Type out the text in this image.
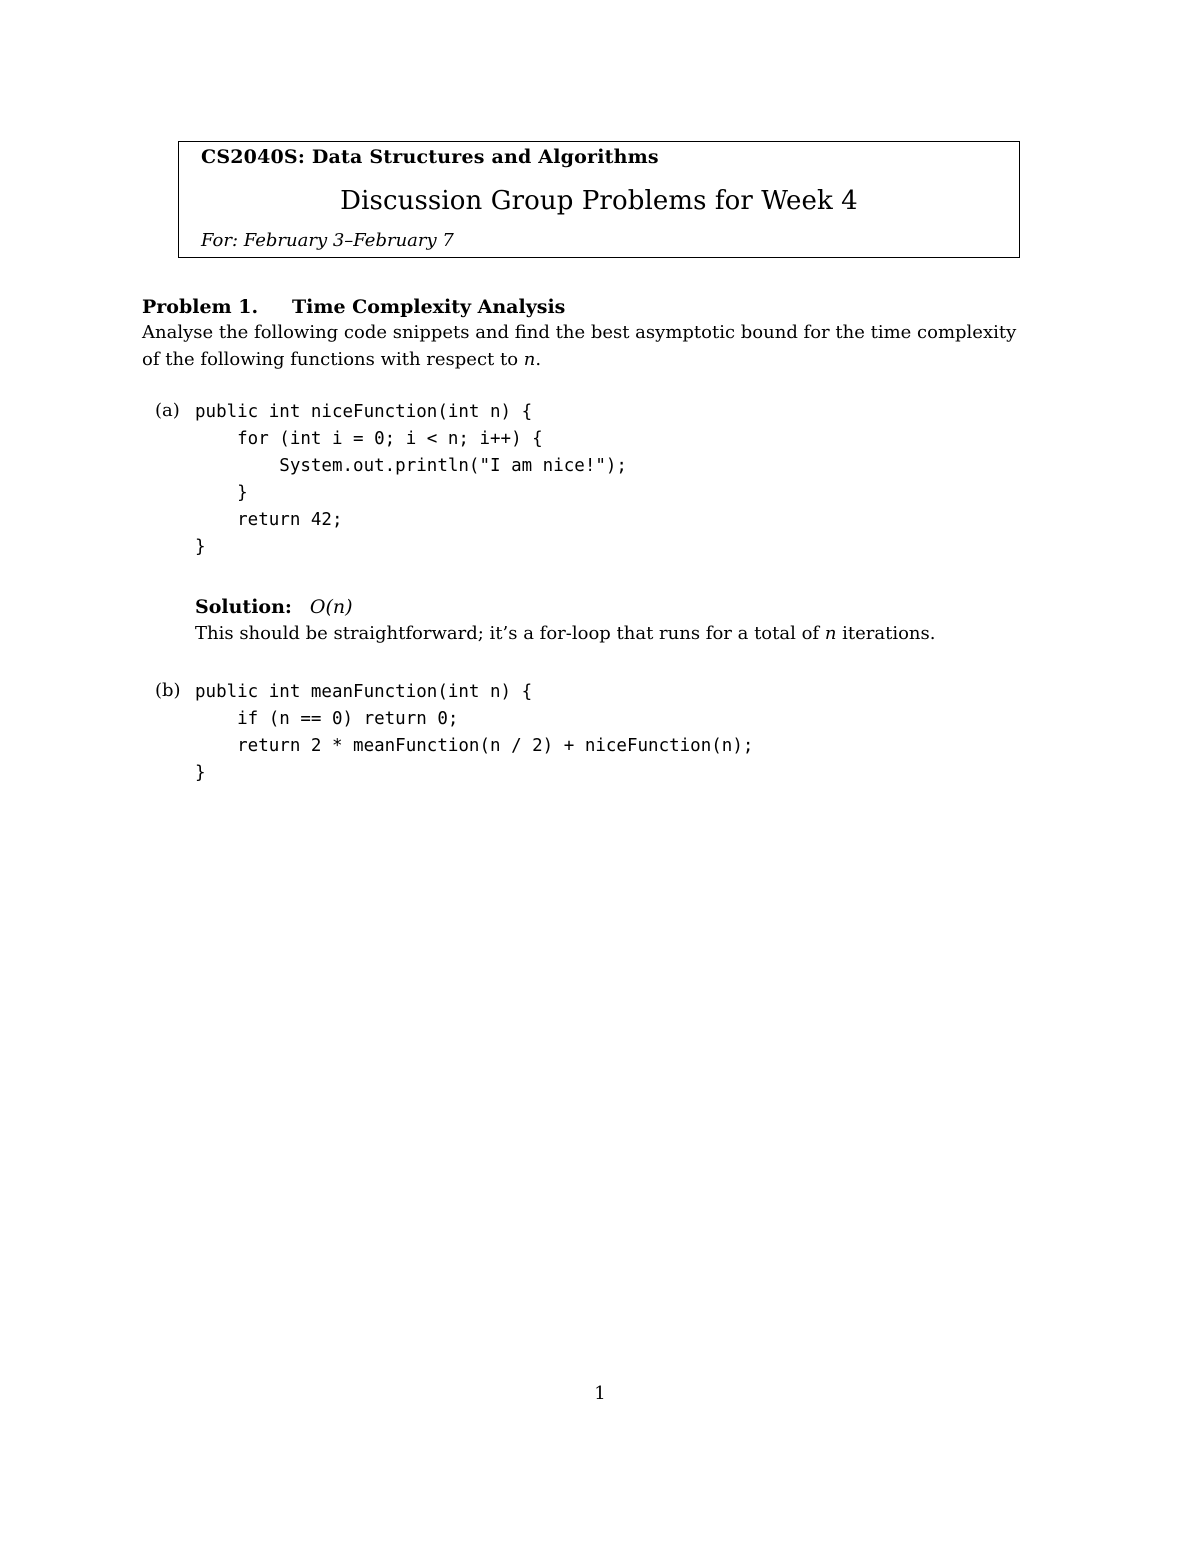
CS2040S: Data Structures and Algorithms
Discussion Group Problems for Week 4
For: February 3–February 7
Problem 1. Time Complexity Analysis
Analyse the following code snippets and find the best asymptotic bound for the time complexity
of the following functions with respect to n.
(a) public int niceFunction(int n) {
for (int i = 0; i < n; i++) {
System.out.println("I am nice!");
}
return 42;
}
Solution: O(n)
This should be straightforward; it’s a for-loop that runs for a total of n iterations.
(b) public int meanFunction(int n) {
if (n == 0) return 0;
return 2 * meanFunction(n / 2) + niceFunction(n);
}
1
